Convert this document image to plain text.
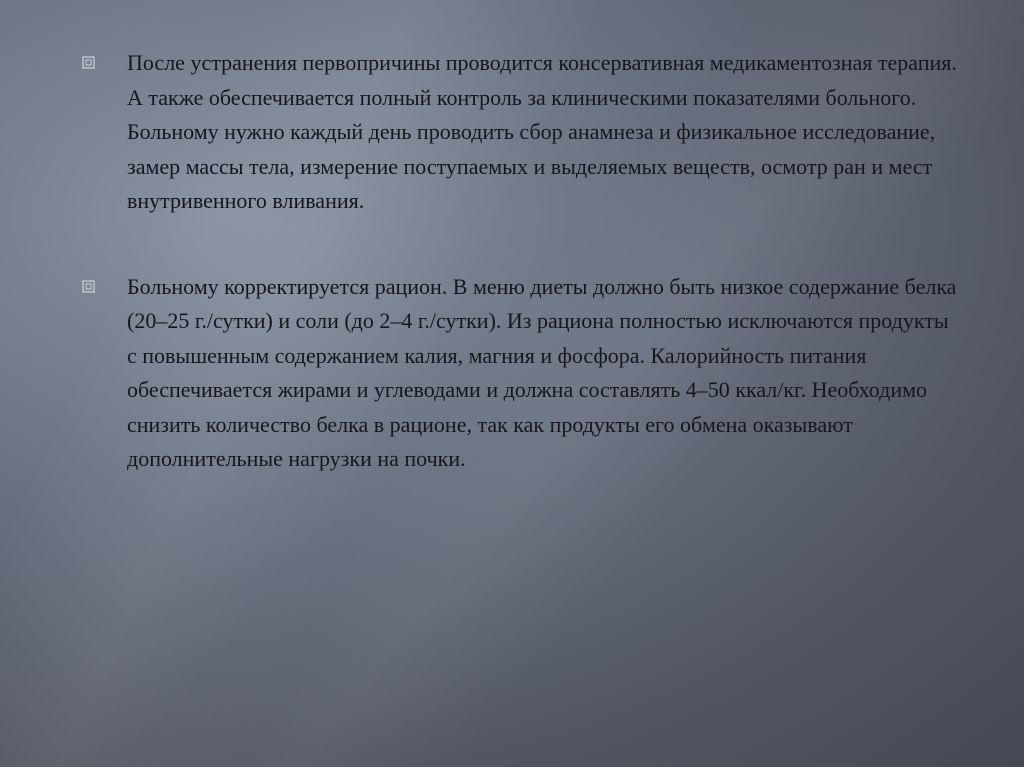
После устранения первопричины проводится консервативная медикаментозная терапия. А также обеспечивается полный контроль за клиническими показателями больного. Больному нужно каждый день проводить сбор анамнеза и физикальное исследование, замер массы тела, измерение поступаемых и выделяемых веществ, осмотр ран и мест внутривенного вливания.
Больному корректируется рацион. В меню диеты должно быть низкое содержание белка (20–25 г./сутки) и соли (до 2–4 г./сутки). Из рациона полностью исключаются продукты с повышенным содержанием калия, магния и фосфора. Калорийность питания обеспечивается жирами и углеводами и должна составлять 4–50 ккал/кг. Необходимо снизить количество белка в рационе, так как продукты его обмена оказывают дополнительные нагрузки на почки.
